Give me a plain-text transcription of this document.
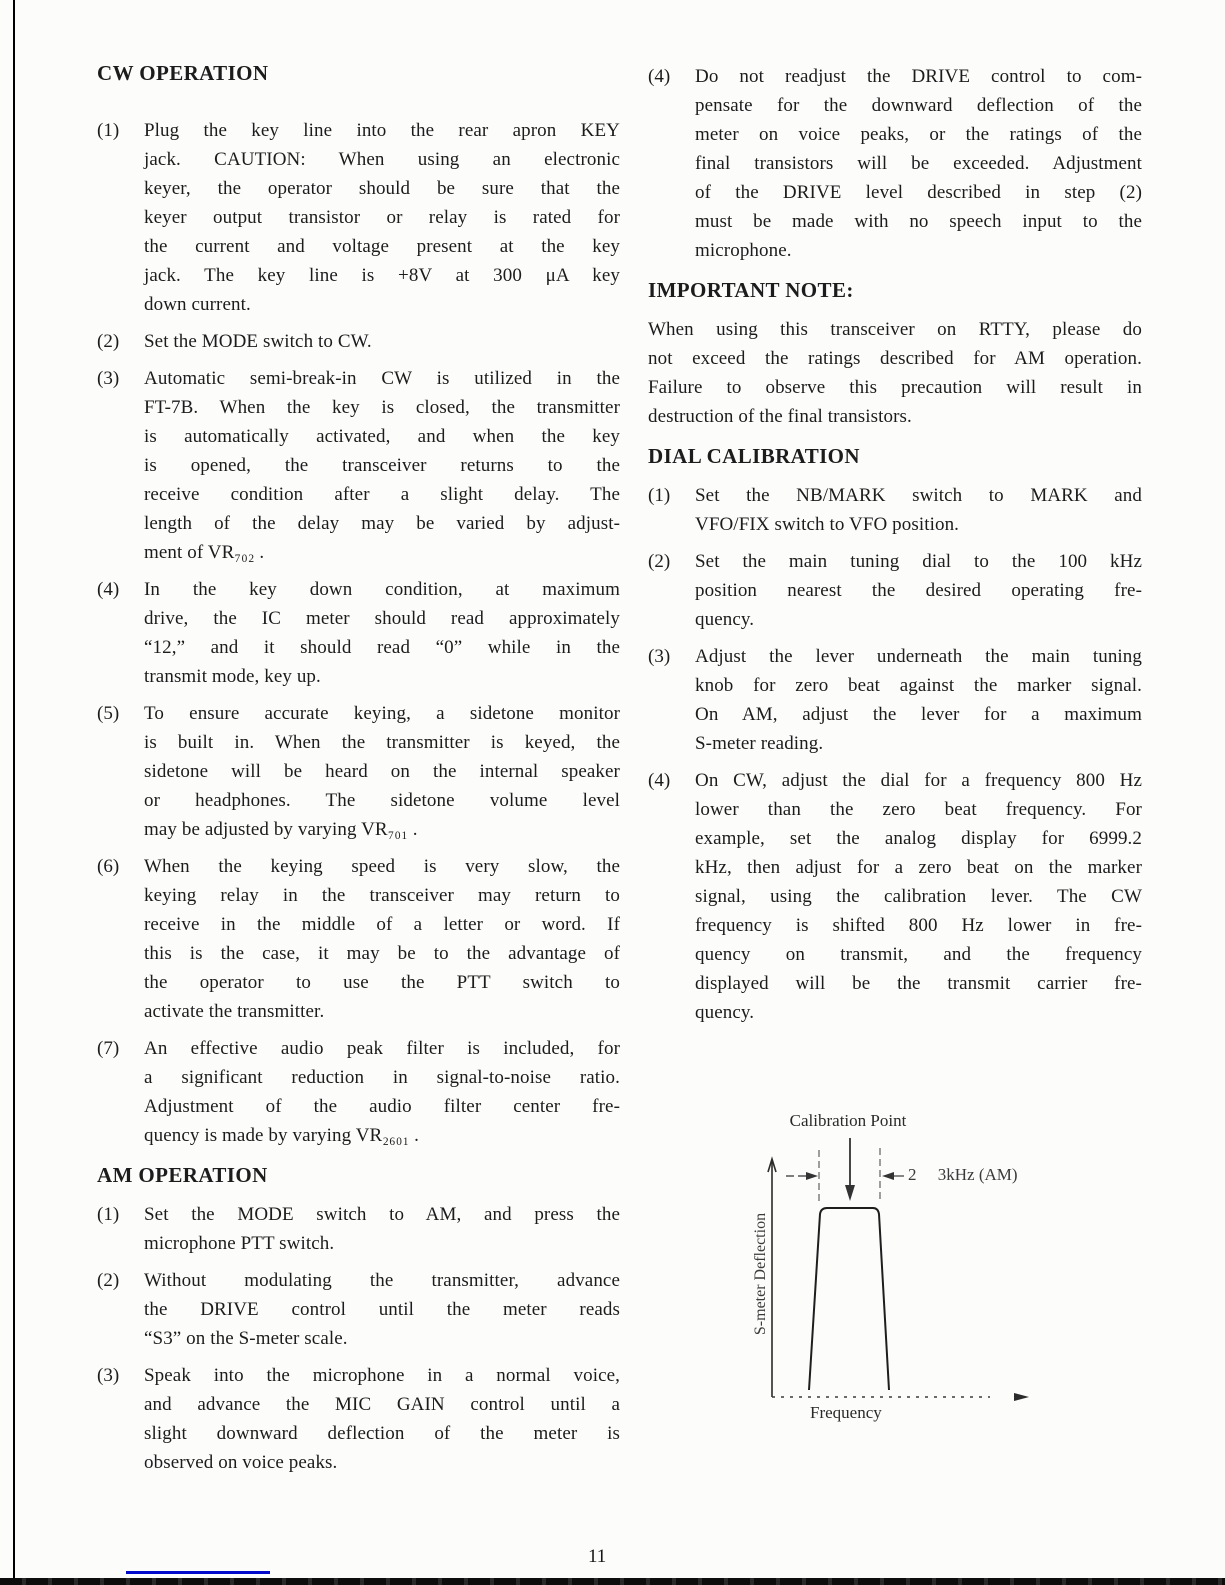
CW OPERATION
(1)	Plug the key line into the rear apron KEY
jack. CAUTION: When using an electronic
keyer, the operator should be sure that the
keyer output transistor or relay is rated for
the current and voltage present at the key
jack. The key line is +8V at 300 μA key
down current.
(2)	Set the MODE switch to CW.
(3)	Automatic semi-break-in CW is utilized in the
FT-7B. When the key is closed, the transmitter
is automatically activated, and when the key
is opened, the transceiver returns to the
receive condition after a slight delay. The
length of the delay may be varied by adjust-
ment of VR₇₀₂ .
(4)	In the key down condition, at maximum
drive, the IC meter should read approximately
“12,” and it should read “0” while in the
transmit mode, key up.
(5)	To ensure accurate keying, a sidetone monitor
is built in. When the transmitter is keyed, the
sidetone will be heard on the internal speaker
or headphones. The sidetone volume level
may be adjusted by varying VR₇₀₁ .
(6)	When the keying speed is very slow, the
keying relay in the transceiver may return to
receive in the middle of a letter or word. If
this is the case, it may be to the advantage of
the operator to use the PTT switch to
activate the transmitter.
(7)	An effective audio peak filter is included, for
a significant reduction in signal-to-noise ratio.
Adjustment of the audio filter center fre-
quency is made by varying VR₂₆₀₁ .
AM OPERATION
(1)	Set the MODE switch to AM, and press the
microphone PTT switch.
(2)	Without modulating the transmitter, advance
the DRIVE control until the meter reads
“S3” on the S-meter scale.
(3)	Speak into the microphone in a normal voice,
and advance the MIC GAIN control until a
slight downward deflection of the meter is
observed on voice peaks.
(4)	Do not readjust the DRIVE control to com-
pensate for the downward deflection of the
meter on voice peaks, or the ratings of the
final transistors will be exceeded. Adjustment
of the DRIVE level described in step (2)
must be made with no speech input to the
microphone.
IMPORTANT NOTE:
When using this transceiver on RTTY, please do
not exceed the ratings described for AM operation.
Failure to observe this precaution will result in
destruction of the final transistors.
DIAL CALIBRATION
(1)	Set the NB/MARK switch to MARK and
VFO/FIX switch to VFO position.
(2)	Set the main tuning dial to the 100 kHz
position nearest the desired operating fre-
quency.
(3)	Adjust the lever underneath the main tuning
knob for zero beat against the marker signal.
On AM, adjust the lever for a maximum
S-meter reading.
(4)	On CW, adjust the dial for a frequency 800 Hz
lower than the zero beat frequency. For
example, set the analog display for 6999.2
kHz, then adjust for a zero beat on the marker
signal, using the calibration lever. The CW
frequency is shifted 800 Hz lower in fre-
quency on transmit, and the frequency
displayed will be the transmit carrier fre-
quency.
Calibration Point
2     3kHz (AM)
S-meter Deflection
Frequency
11
